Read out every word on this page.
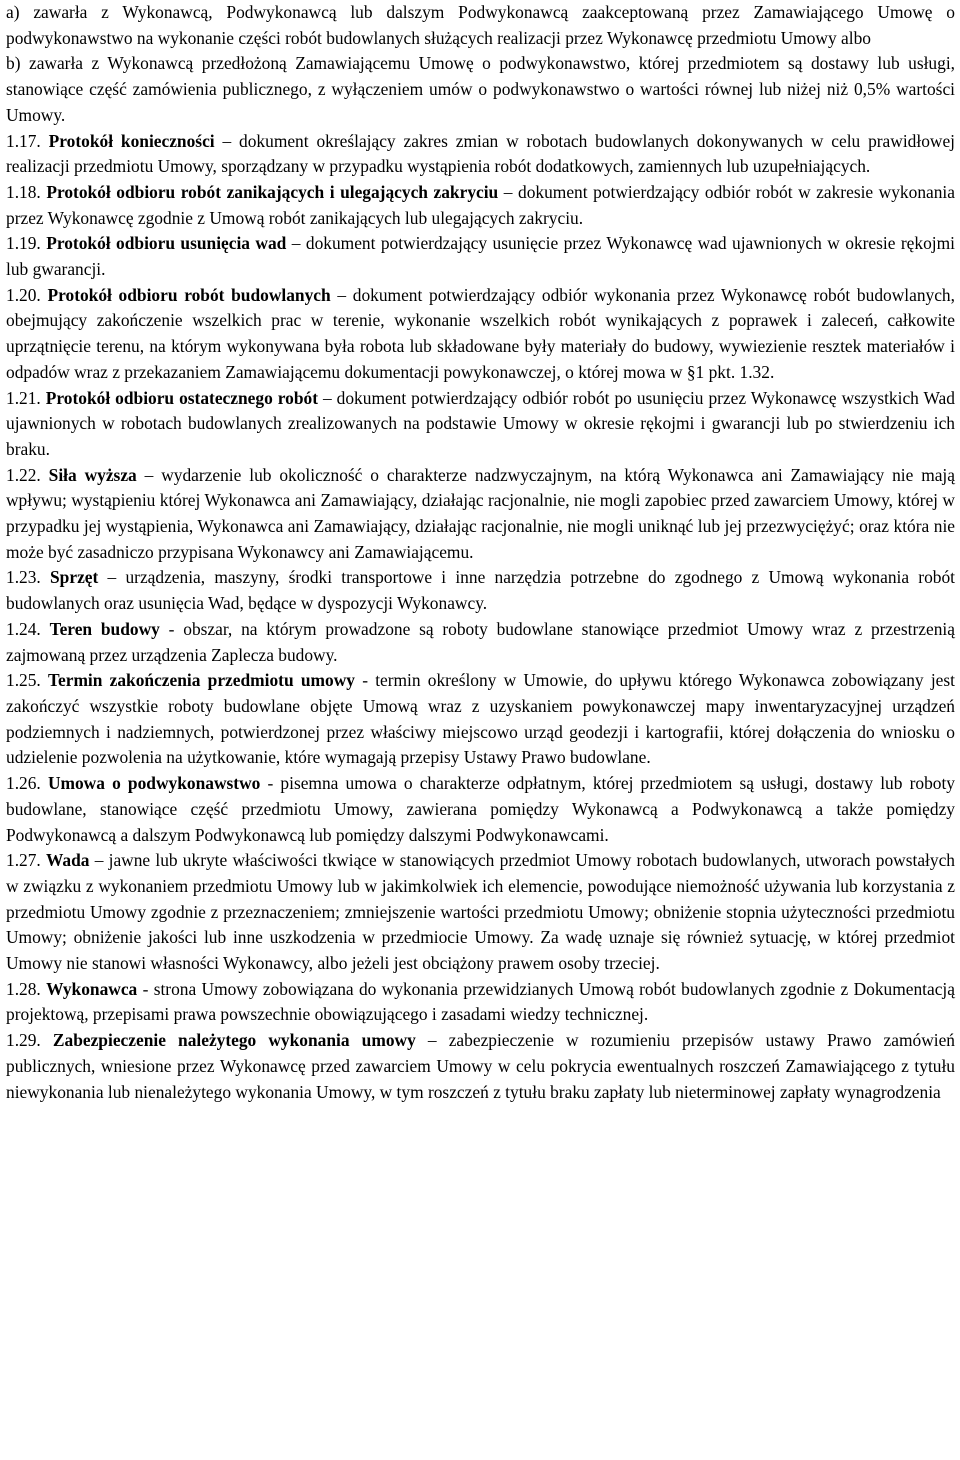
a) zawarła z Wykonawcą, Podwykonawcą lub dalszym Podwykonawcą zaakceptowaną przez Zamawiającego Umowę o podwykonawstwo na wykonanie części robót budowlanych służących realizacji przez Wykonawcę przedmiotu Umowy albo

b) zawarła z Wykonawcą przedłożoną Zamawiającemu Umowę o podwykonawstwo, której przedmiotem są dostawy lub usługi, stanowiące część zamówienia publicznego, z wyłączeniem umów o podwykonawstwo o wartości równej lub niżej niż 0,5% wartości Umowy.

1.17. Protokół konieczności – dokument określający zakres zmian w robotach budowlanych dokonywanych w celu prawidłowej realizacji przedmiotu Umowy, sporządzany w przypadku wystąpienia robót dodatkowych, zamiennych lub uzupełniających.

1.18. Protokół odbioru robót zanikających i ulegających zakryciu – dokument potwierdzający odbiór robót w zakresie wykonania przez Wykonawcę zgodnie z Umową robót zanikających lub ulegających zakryciu.

1.19. Protokół odbioru usunięcia wad – dokument potwierdzający usunięcie przez Wykonawcę wad ujawnionych w okresie rękojmi lub gwarancji.

1.20. Protokół odbioru robót budowlanych – dokument potwierdzający odbiór wykonania przez Wykonawcę robót budowlanych, obejmujący zakończenie wszelkich prac w terenie, wykonanie wszelkich robót wynikających z poprawek i zaleceń, całkowite uprzątnięcie terenu, na którym wykonywana była robota lub składowane były materiały do budowy, wywiezienie resztek materiałów i odpadów wraz z przekazaniem Zamawiającemu dokumentacji powykonawczej, o której mowa w §1 pkt. 1.32.

1.21. Protokół odbioru ostatecznego robót – dokument potwierdzający odbiór robót po usunięciu przez Wykonawcę wszystkich Wad ujawnionych w robotach budowlanych zrealizowanych na podstawie Umowy w okresie rękojmi i gwarancji lub po stwierdzeniu ich braku.

1.22. Siła wyższa – wydarzenie lub okoliczność o charakterze nadzwyczajnym, na którą Wykonawca ani Zamawiający nie mają wpływu; wystąpieniu której Wykonawca ani Zamawiający, działając racjonalnie, nie mogli zapobiec przed zawarciem Umowy, której w przypadku jej wystąpienia, Wykonawca ani Zamawiający, działając racjonalnie, nie mogli uniknąć lub jej przezwyciężyć; oraz która nie może być zasadniczo przypisana Wykonawcy ani Zamawiającemu.

1.23. Sprzęt – urządzenia, maszyny, środki transportowe i inne narzędzia potrzebne do zgodnego z Umową wykonania robót budowlanych oraz usunięcia Wad, będące w dyspozycji Wykonawcy.

1.24. Teren budowy - obszar, na którym prowadzone są roboty budowlane stanowiące przedmiot Umowy wraz z przestrzenią zajmowaną przez urządzenia Zaplecza budowy.

1.25. Termin zakończenia przedmiotu umowy - termin określony w Umowie, do upływu którego Wykonawca zobowiązany jest zakończyć wszystkie roboty budowlane objęte Umową wraz z uzyskaniem powykonawczej mapy inwentaryzacyjnej urządzeń podziemnych i nadziemnych, potwierdzonej przez właściwy miejscowo urząd geodezji i kartografii, której dołączenia do wniosku o udzielenie pozwolenia na użytkowanie, które wymagają przepisy Ustawy Prawo budowlane.

1.26. Umowa o podwykonawstwo - pisemna umowa o charakterze odpłatnym, której przedmiotem są usługi, dostawy lub roboty budowlane, stanowiące część przedmiotu Umowy, zawierana pomiędzy Wykonawcą a Podwykonawcą a także pomiędzy Podwykonawcą a dalszym Podwykonawcą lub pomiędzy dalszymi Podwykonawcami.

1.27. Wada – jawne lub ukryte właściwości tkwiące w stanowiących przedmiot Umowy robotach budowlanych, utworach powstałych w związku z wykonaniem przedmiotu Umowy lub w jakimkolwiek ich elemencie, powodujące niemożność używania lub korzystania z przedmiotu Umowy zgodnie z przeznaczeniem; zmniejszenie wartości przedmiotu Umowy; obniżenie stopnia użyteczności przedmiotu Umowy; obniżenie jakości lub inne uszkodzenia w przedmiocie Umowy. Za wadę uznaje się również sytuację, w której przedmiot Umowy nie stanowi własności Wykonawcy, albo jeżeli jest obciążony prawem osoby trzeciej.

1.28. Wykonawca - strona Umowy zobowiązana do wykonania przewidzianych Umową robót budowlanych zgodnie z Dokumentacją projektową, przepisami prawa powszechnie obowiązującego i zasadami wiedzy technicznej.

1.29. Zabezpieczenie należytego wykonania umowy – zabezpieczenie w rozumieniu przepisów ustawy Prawo zamówień publicznych, wniesione przez Wykonawcę przed zawarciem Umowy w celu pokrycia ewentualnych roszczeń Zamawiającego z tytułu niewykonania lub nienależytego wykonania Umowy, w tym roszczeń z tytułu braku zapłaty lub nieterminowej zapłaty wynagrodzenia
